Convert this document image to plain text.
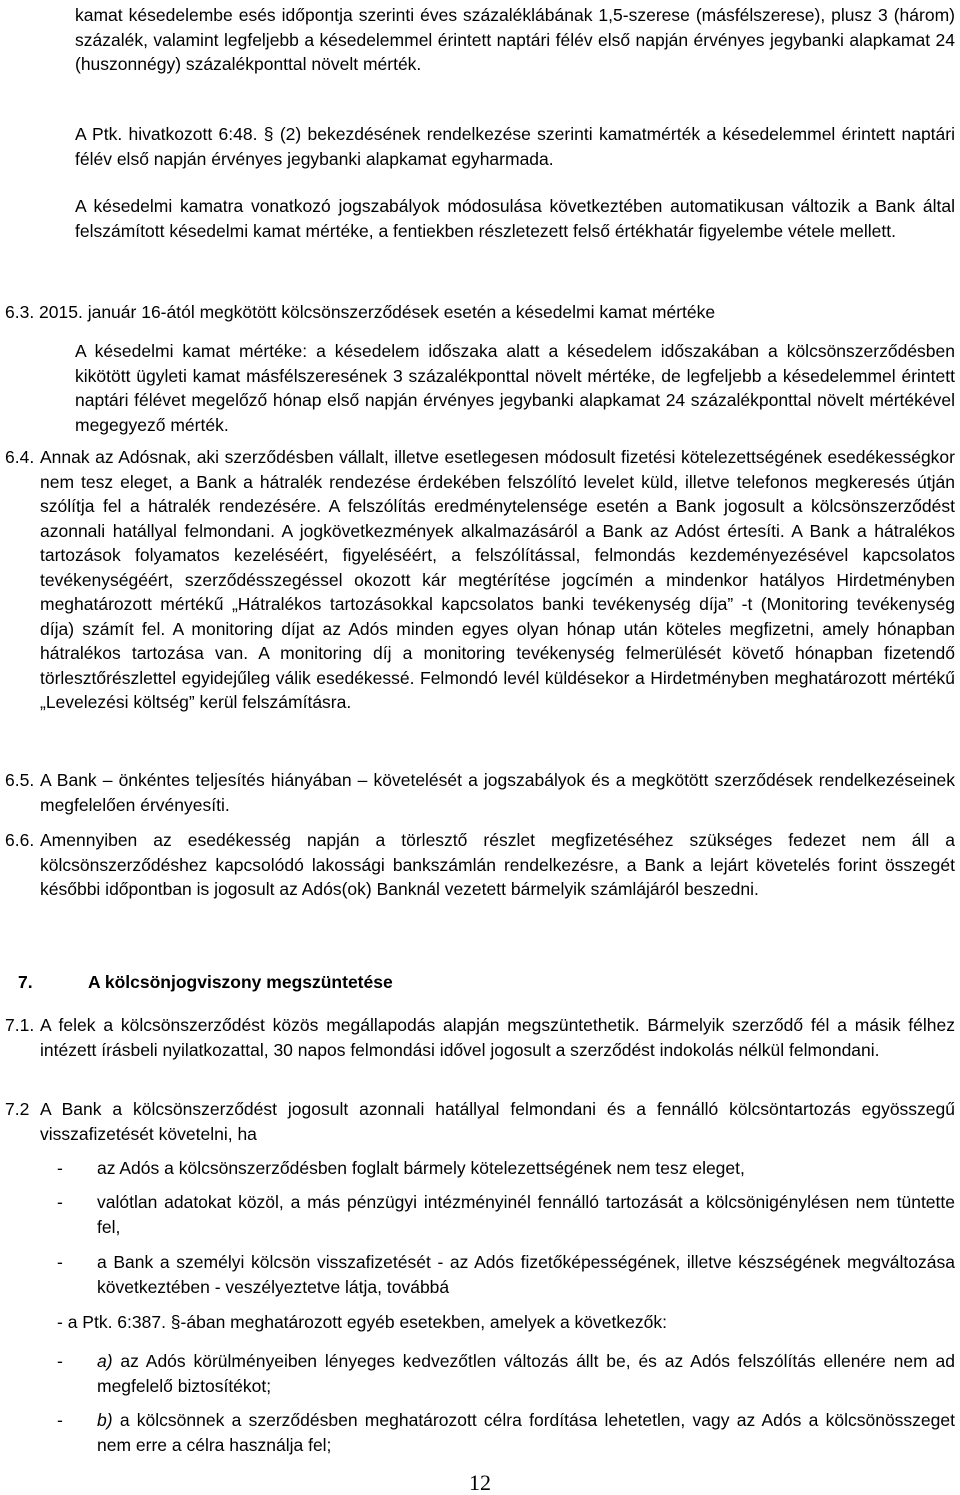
kamat késedelembe esés időpontja szerinti éves százaléklábának 1,5-szerese (másfélszerese), plusz 3 (három) százalék, valamint legfeljebb a késedelemmel érintett naptári félév első napján érvényes jegybanki alapkamat 24 (huszonnégy) százalékponttal növelt mérték.

A Ptk. hivatkozott 6:48. § (2) bekezdésének rendelkezése szerinti kamatmérték a késedelemmel érintett naptári félév első napján érvényes jegybanki alapkamat egyharmada.

A késedelmi kamatra vonatkozó jogszabályok módosulása következtében automatikusan változik a Bank által felszámított késedelmi kamat mértéke, a fentiekben részletezett felső értékhatár figyelembe vétele mellett.

6.3. 2015. január 16-ától megkötött kölcsönszerződések esetén a késedelmi kamat mértéke

A késedelmi kamat mértéke: a késedelem időszaka alatt a késedelem időszakában a kölcsönszerződésben kikötött ügyleti kamat másfélszeresének 3 százalékponttal növelt mértéke, de legfeljebb a késedelemmel érintett naptári félévet megelőző hónap első napján érvényes jegybanki alapkamat 24 százalékponttal növelt mértékével megegyező mérték.

6.4. Annak az Adósnak, aki szerződésben vállalt, illetve esetlegesen módosult fizetési kötelezettségének esedékességkor nem tesz eleget, a Bank a hátralék rendezése érdekében felszólító levelet küld, illetve telefonos megkeresés útján szólítja fel a hátralék rendezésére. A felszólítás eredménytelensége esetén a Bank jogosult a kölcsönszerződést azonnali hatállyal felmondani. A jogkövetkezmények alkalmazásáról a Bank az Adóst értesíti. A Bank a hátralékos tartozások folyamatos kezeléséért, figyeléséért, a felszólítással, felmondás kezdeményezésével kapcsolatos tevékenységéért, szerződésszegéssel okozott kár megtérítése jogcímén a mindenkor hatályos Hirdetményben meghatározott mértékű „Hátralékos tartozásokkal kapcsolatos banki tevékenység díja” -t (Monitoring tevékenység díja) számít fel. A monitoring díjat az Adós minden egyes olyan hónap után köteles megfizetni, amely hónapban hátralékos tartozása van. A monitoring díj a monitoring tevékenység felmerülését követő hónapban fizetendő törlesztőrészlettel egyidejűleg válik esedékessé. Felmondó levél küldésekor a Hirdetményben meghatározott mértékű „Levelezési költség” kerül felszámításra.

6.5. A Bank – önkéntes teljesítés hiányában – követelését a jogszabályok és a megkötött szerződések rendelkezéseinek megfelelően érvényesíti.

6.6. Amennyiben az esedékesség napján a törlesztő részlet megfizetéséhez szükséges fedezet nem áll a kölcsönszerződéshez kapcsolódó lakossági bankszámlán rendelkezésre, a Bank a lejárt követelés forint összegét későbbi időpontban is jogosult az Adós(ok) Banknál vezetett bármelyik számlájáról beszedni.

7.	A kölcsönjogviszony megszüntetése
7.1. A felek a kölcsönszerződést közös megállapodás alapján megszüntethetik. Bármelyik szerződő fél a másik félhez intézett írásbeli nyilatkozattal, 30 napos felmondási idővel jogosult a szerződést indokolás nélkül felmondani.

7.2 A Bank a kölcsönszerződést jogosult azonnali hatállyal felmondani és a fennálló kölcsöntartozás egyösszegű visszafizetését követelni, ha

- az Adós a kölcsönszerződésben foglalt bármely kötelezettségének nem tesz eleget,

- valótlan adatokat közöl, a más pénzügyi intézményinél fennálló tartozását a kölcsönigénylésen nem tüntette fel,

- a Bank a személyi kölcsön visszafizetését - az Adós fizetőképességének, illetve készségének megváltozása következtében - veszélyeztetve látja, továbbá

- a Ptk. 6:387. §-ában meghatározott egyéb esetekben, amelyek a következők:

- a) az Adós körülményeiben lényeges kedvezőtlen változás állt be, és az Adós felszólítás ellenére nem ad megfelelő biztosítékot;

- b) a kölcsönnek a szerződésben meghatározott célra fordítása lehetetlen, vagy az Adós a kölcsönösszeget nem erre a célra használja fel;

12
